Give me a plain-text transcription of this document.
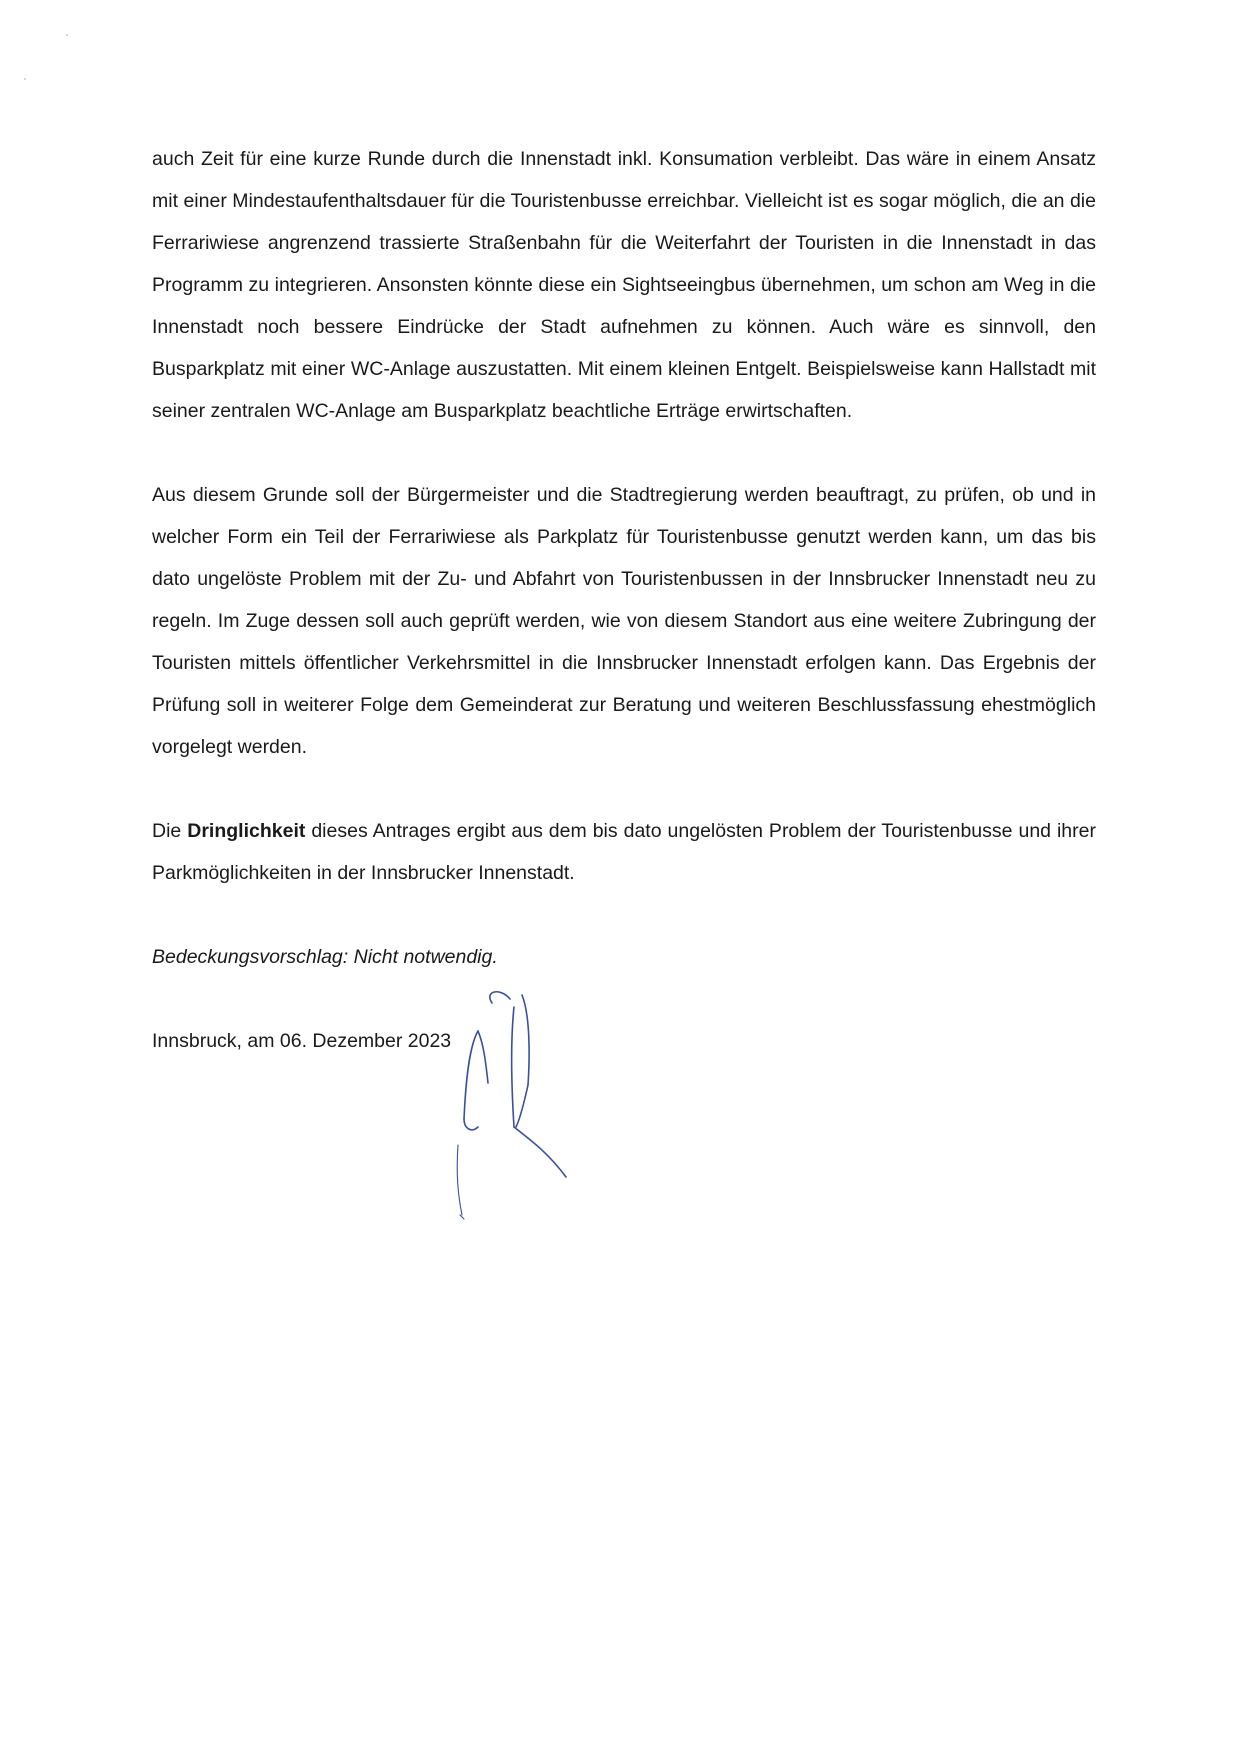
auch Zeit für eine kurze Runde durch die Innenstadt inkl. Konsumation verbleibt. Das wäre in einem Ansatz mit einer Mindestaufenthaltsdauer für die Touristenbusse erreichbar. Vielleicht ist es sogar möglich, die an die Ferrariwiese angrenzend trassierte Straßenbahn für die Weiterfahrt der Touristen in die Innenstadt in das Programm zu integrieren. Ansonsten könnte diese ein Sightseeingbus übernehmen, um schon am Weg in die Innenstadt noch bessere Eindrücke der Stadt aufnehmen zu können. Auch wäre es sinnvoll, den Busparkplatz mit einer WC-Anlage auszustatten. Mit einem kleinen Entgelt. Beispielsweise kann Hallstadt mit seiner zentralen WC-Anlage am Busparkplatz beachtliche Erträge erwirtschaften.

Aus diesem Grunde soll der Bürgermeister und die Stadtregierung werden beauftragt, zu prüfen, ob und in welcher Form ein Teil der Ferrariwiese als Parkplatz für Touristenbusse genutzt werden kann, um das bis dato ungelöste Problem mit der Zu- und Abfahrt von Touristenbussen in der Innsbrucker Innenstadt neu zu regeln. Im Zuge dessen soll auch geprüft werden, wie von diesem Standort aus eine weitere Zubringung der Touristen mittels öffentlicher Verkehrsmittel in die Innsbrucker Innenstadt erfolgen kann. Das Ergebnis der Prüfung soll in weiterer Folge dem Gemeinderat zur Beratung und weiteren Beschlussfassung ehestmöglich vorgelegt werden.

Die Dringlichkeit dieses Antrages ergibt aus dem bis dato ungelösten Problem der Touristenbusse und ihrer Parkmöglichkeiten in der Innsbrucker Innenstadt.

Bedeckungsvorschlag: Nicht notwendig.

Innsbruck, am 06. Dezember 2023
